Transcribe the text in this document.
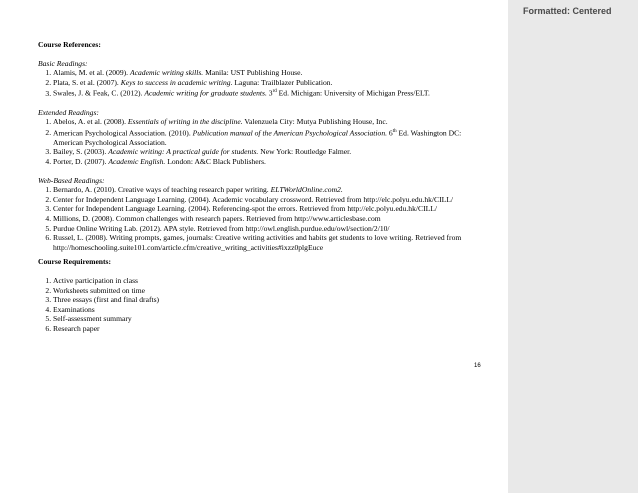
Formatted: Centered
Course References:
Basic Readings:
1. Alamis, M. et al. (2009). Academic writing skills. Manila: UST Publishing House.
2. Plata, S. et al. (2007). Keys to success in academic writing. Laguna: Trailblazer Publication.
3. Swales, J. & Feak, C. (2012). Academic writing for graduate students. 3rd Ed. Michigan: University of Michigan Press/ELT.
Extended Readings:
1. Abelos, A. et al. (2008). Essentials of writing in the discipline. Valenzuela City: Mutya Publishing House, Inc.
2. American Psychological Association. (2010). Publication manual of the American Psychological Association. 6th Ed. Washington DC: American Psychological Association.
3. Bailey, S. (2003). Academic writing: A practical guide for students. New York: Routledge Falmer.
4. Porter, D. (2007). Academic English. London: A&C Black Publishers.
Web-Based Readings:
1. Bernardo, A. (2010). Creative ways of teaching research paper writing. ELTWorldOnline.com2.
2. Center for Independent Language Learning. (2004). Academic vocabulary crossword. Retrieved from http://elc.polyu.edu.hk/CILL/
3. Center for Independent Language Learning. (2004). Referencing-spot the errors. Retrieved from http://elc.polyu.edu.hk/CILL/
4. Millions, D. (2008). Common challenges with research papers. Retrieved from http://www.articlesbase.com
5. Purdue Online Writing Lab. (2012). APA style. Retrieved from http://owl.english.purdue.edu/owl/section/2/10/
6. Russel, L. (2008). Writing prompts, games, journals: Creative writing activities and habits get students to love writing. Retrieved from http://homeschooling.suite101.com/article.cfm/creative_writing_activities#ixzz0plgEuce
Course Requirements:
1. Active participation in class
2. Worksheets submitted on time
3. Three essays (first and final drafts)
4. Examinations
5. Self-assessment summary
6. Research paper
16
